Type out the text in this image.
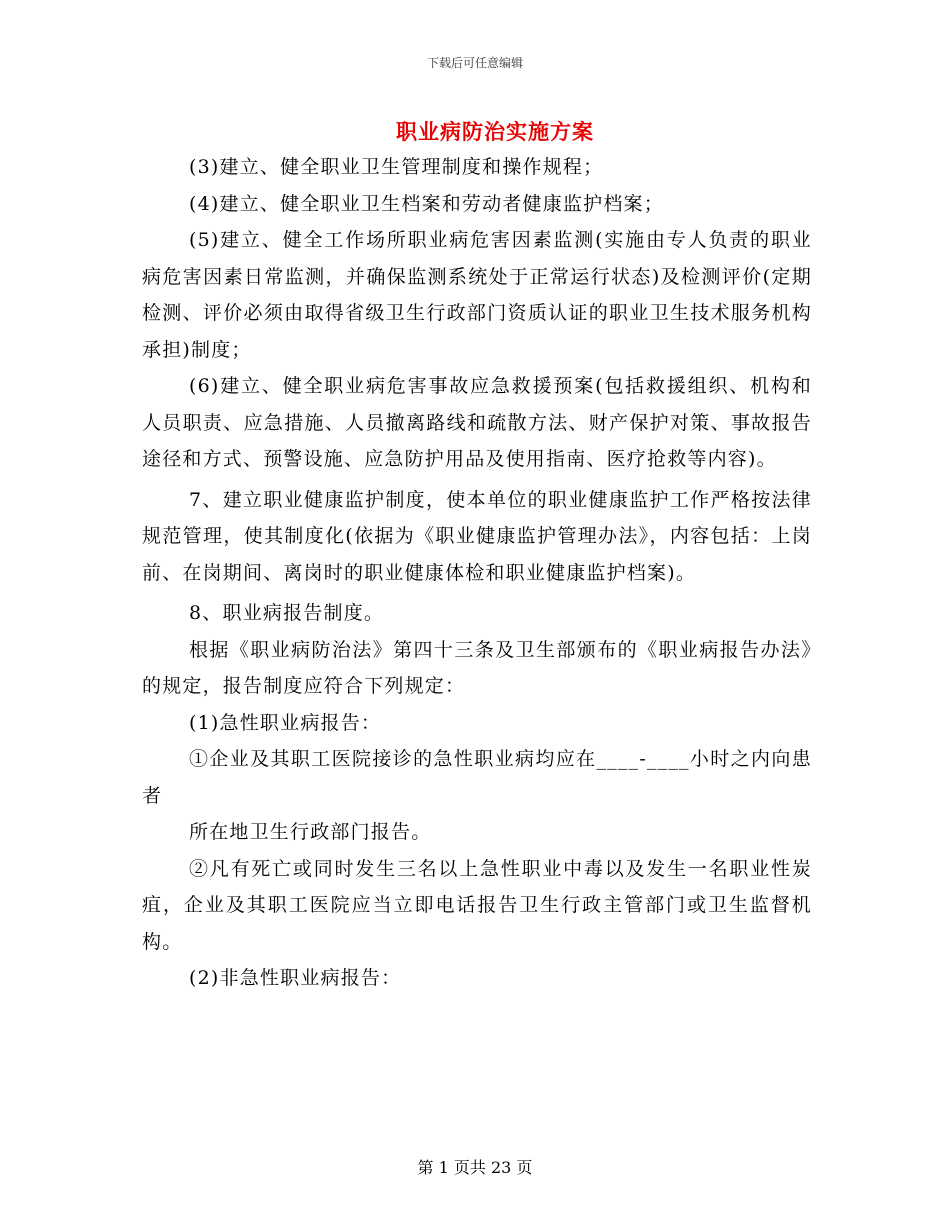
下载后可任意编辑
职业病防治实施方案

(3)建立、健全职业卫生管理制度和操作规程；

(4)建立、健全职业卫生档案和劳动者健康监护档案；

(5)建立、健全工作场所职业病危害因素监测(实施由专人负责的职业病危害因素日常监测，并确保监测系统处于正常运行状态)及检测评价(定期检测、评价必须由取得省级卫生行政部门资质认证的职业卫生技术服务机构承担)制度；

(6)建立、健全职业病危害事故应急救援预案(包括救援组织、机构和人员职责、应急措施、人员撤离路线和疏散方法、财产保护对策、事故报告途径和方式、预警设施、应急防护用品及使用指南、医疗抢救等内容)。

7、建立职业健康监护制度，使本单位的职业健康监护工作严格按法律规范管理，使其制度化(依据为《职业健康监护管理办法》，内容包括：上岗前、在岗期间、离岗时的职业健康体检和职业健康监护档案)。

8、职业病报告制度。

根据《职业病防治法》第四十三条及卫生部颁布的《职业病报告办法》的规定，报告制度应符合下列规定：

(1)急性职业病报告：

①企业及其职工医院接诊的急性职业病均应在____-____小时之内向患者

所在地卫生行政部门报告。

②凡有死亡或同时发生三名以上急性职业中毒以及发生一名职业性炭疽，企业及其职工医院应当立即电话报告卫生行政主管部门或卫生监督机构。

(2)非急性职业病报告：

第 1 页共 23 页
